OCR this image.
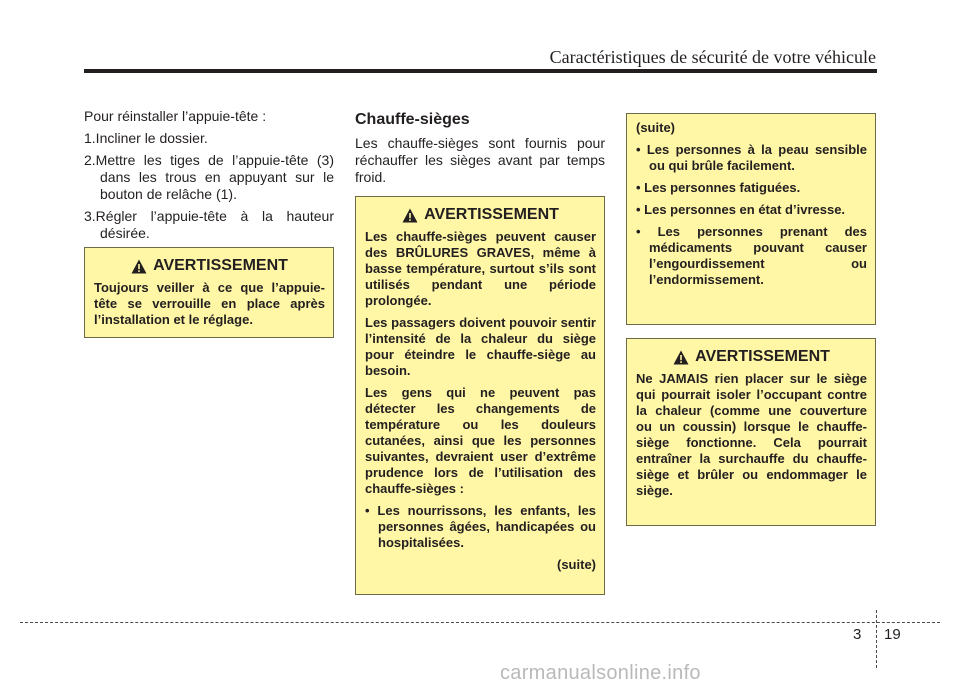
Caractéristiques de sécurité de votre véhicule

Pour réinstaller l’appuie-tête :

1.Incliner le dossier.
2.Mettre les tiges de l’appuie-tête (3) dans les trous en appuyant sur le bouton de relâche (1).
3.Régler l’appuie-tête à la hauteur désirée.
AVERTISSEMENT

Toujours veiller à ce que l’appuie-tête se verrouille en place après l’installation et le réglage.

Chauffe-sièges

Les chauffe-sièges sont fournis pour réchauffer les sièges avant par temps froid.

AVERTISSEMENT

Les chauffe-sièges peuvent causer des BRÛLURES GRAVES, même à basse température, surtout s’ils sont utilisés pendant une période prolongée.

Les passagers doivent pouvoir sentir l’intensité de la chaleur du siège pour éteindre le chauffe-siège au besoin.

Les gens qui ne peuvent pas détecter les changements de température ou les douleurs cutanées, ainsi que les personnes suivantes, devraient user d’extrême prudence lors de l’utilisation des chauffe-sièges :

• Les nourrissons, les enfants, les personnes âgées, handicapées ou hospitalisées.

(suite)

(suite)

• Les personnes à la peau sensible ou qui brûle facilement.
• Les personnes fatiguées.
• Les personnes en état d’ivresse.
• Les personnes prenant des médicaments pouvant causer l’engourdissement ou l’endormissement.
AVERTISSEMENT

Ne JAMAIS rien placer sur le siège qui pourrait isoler l’occupant contre la chaleur (comme une couverture ou un coussin) lorsque le chauffe-siège fonctionne. Cela pourrait entraîner la surchauffe du chauffe-siège et brûler ou endommager le siège.

3 19
carmanualsonline.info
